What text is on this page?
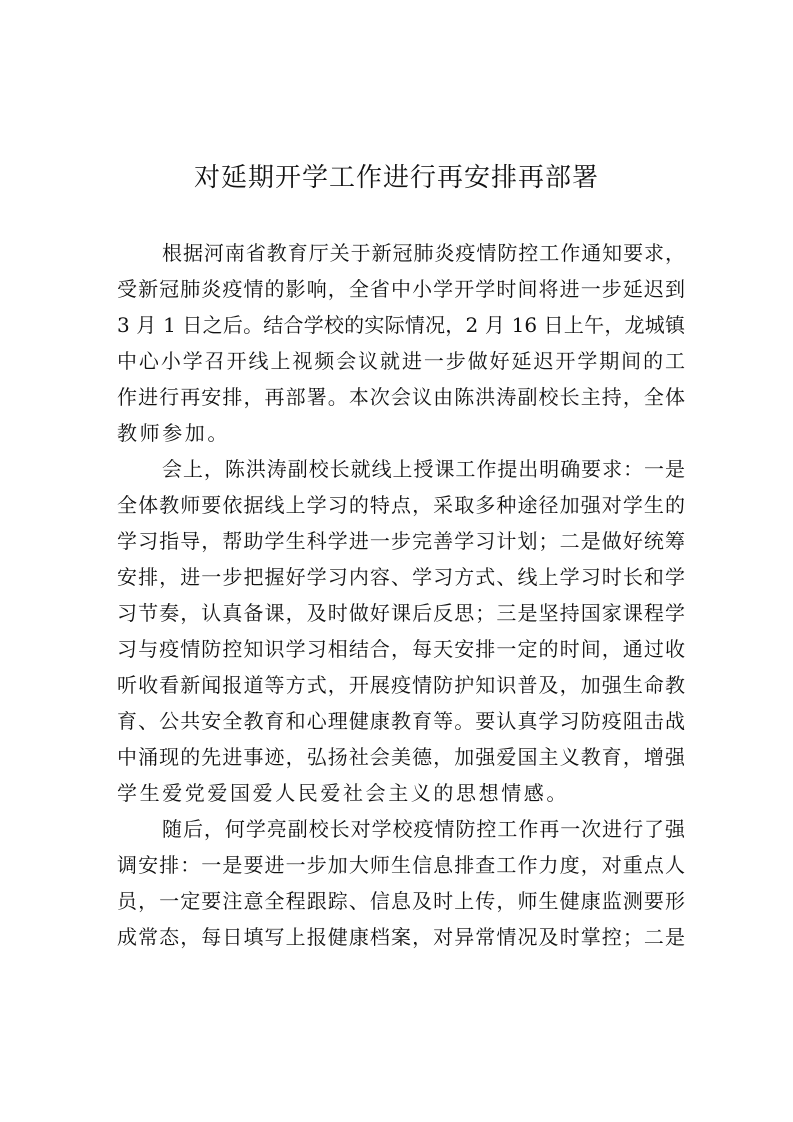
对延期开学工作进行再安排再部署
根据河南省教育厅关于新冠肺炎疫情防控工作通知要求，
受新冠肺炎疫情的影响，全省中小学开学时间将进一步延迟到
3 月 1 日之后。结合学校的实际情况，2 月 16 日上午，龙城镇
中心小学召开线上视频会议就进一步做好延迟开学期间的工
作进行再安排，再部署。本次会议由陈洪涛副校长主持，全体
教师参加。
会上，陈洪涛副校长就线上授课工作提出明确要求：一是
全体教师要依据线上学习的特点，采取多种途径加强对学生的
学习指导，帮助学生科学进一步完善学习计划；二是做好统筹
安排，进一步把握好学习内容、学习方式、线上学习时长和学
习节奏，认真备课，及时做好课后反思；三是坚持国家课程学
习与疫情防控知识学习相结合，每天安排一定的时间，通过收
听收看新闻报道等方式，开展疫情防护知识普及，加强生命教
育、公共安全教育和心理健康教育等。要认真学习防疫阻击战
中涌现的先进事迹，弘扬社会美德，加强爱国主义教育，增强
学生爱党爱国爱人民爱社会主义的思想情感。
随后，何学亮副校长对学校疫情防控工作再一次进行了强
调安排：一是要进一步加大师生信息排查工作力度，对重点人
员，一定要注意全程跟踪、信息及时上传，师生健康监测要形
成常态，每日填写上报健康档案，对异常情况及时掌控；二是
